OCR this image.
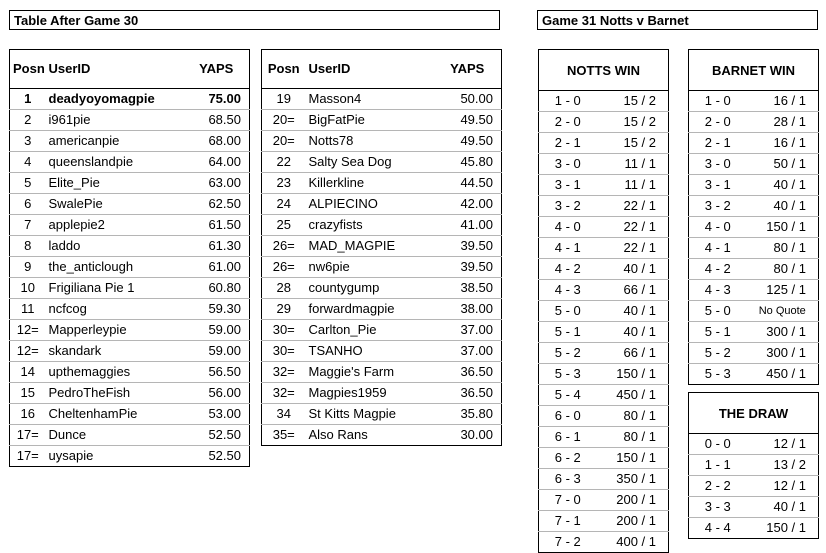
Table After Game 30	Game 31 Notts v Barnet
Posn	UserID	YAPS
1	deadyoyomagpie	75.00
2	i961pie	68.50
3	americanpie	68.00
4	queenslandpie	64.00
5	Elite_Pie	63.00
6	SwalePie	62.50
7	applepie2	61.50
8	laddo	61.30
9	the_anticlough	61.00
10	Frigiliana Pie 1	60.80
11	ncfcog	59.30
12=	Mapperleypie	59.00
12=	skandark	59.00
14	upthemaggies	56.50
15	PedroTheFish	56.00
16	CheltenhamPie	53.00
17=	Dunce	52.50
17=	uysapie	52.50
Posn	UserID	YAPS
19	Masson4	50.00
20=	BigFatPie	49.50
20=	Notts78	49.50
22	Salty Sea Dog	45.80
23	Killerkline	44.50
24	ALPIECINO	42.00
25	crazyfists	41.00
26=	MAD_MAGPIE	39.50
26=	nw6pie	39.50
28	countygump	38.50
29	forwardmagpie	38.00
30=	Carlton_Pie	37.00
30=	TSANHO	37.00
32=	Maggie's Farm	36.50
32=	Magpies1959	36.50
34	St Kitts Magpie	35.80
35=	Also Rans	30.00
NOTTS WIN	
1 - 0	15 / 2
2 - 0	15 / 2
2 - 1	15 / 2
3 - 0	11 / 1
3 - 1	11 / 1
3 - 2	22 / 1
4 - 0	22 / 1
4 - 1	22 / 1
4 - 2	40 / 1
4 - 3	66 / 1
5 - 0	40 / 1
5 - 1	40 / 1
5 - 2	66 / 1
5 - 3	150 / 1
5 - 4	450 / 1
6 - 0	80 / 1
6 - 1	80 / 1
6 - 2	150 / 1
6 - 3	350 / 1
7 - 0	200 / 1
7 - 1	200 / 1
7 - 2	400 / 1
BARNET WIN	
1 - 0	16 / 1
2 - 0	28 / 1
2 - 1	16 / 1
3 - 0	50 / 1
3 - 1	40 / 1
3 - 2	40 / 1
4 - 0	150 / 1
4 - 1	80 / 1
4 - 2	80 / 1
4 - 3	125 / 1
5 - 0	No Quote
5 - 1	300 / 1
5 - 2	300 / 1
5 - 3	450 / 1
THE DRAW	
0 - 0	12 / 1
1 - 1	13 / 2
2 - 2	12 / 1
3 - 3	40 / 1
4 - 4	150 / 1
